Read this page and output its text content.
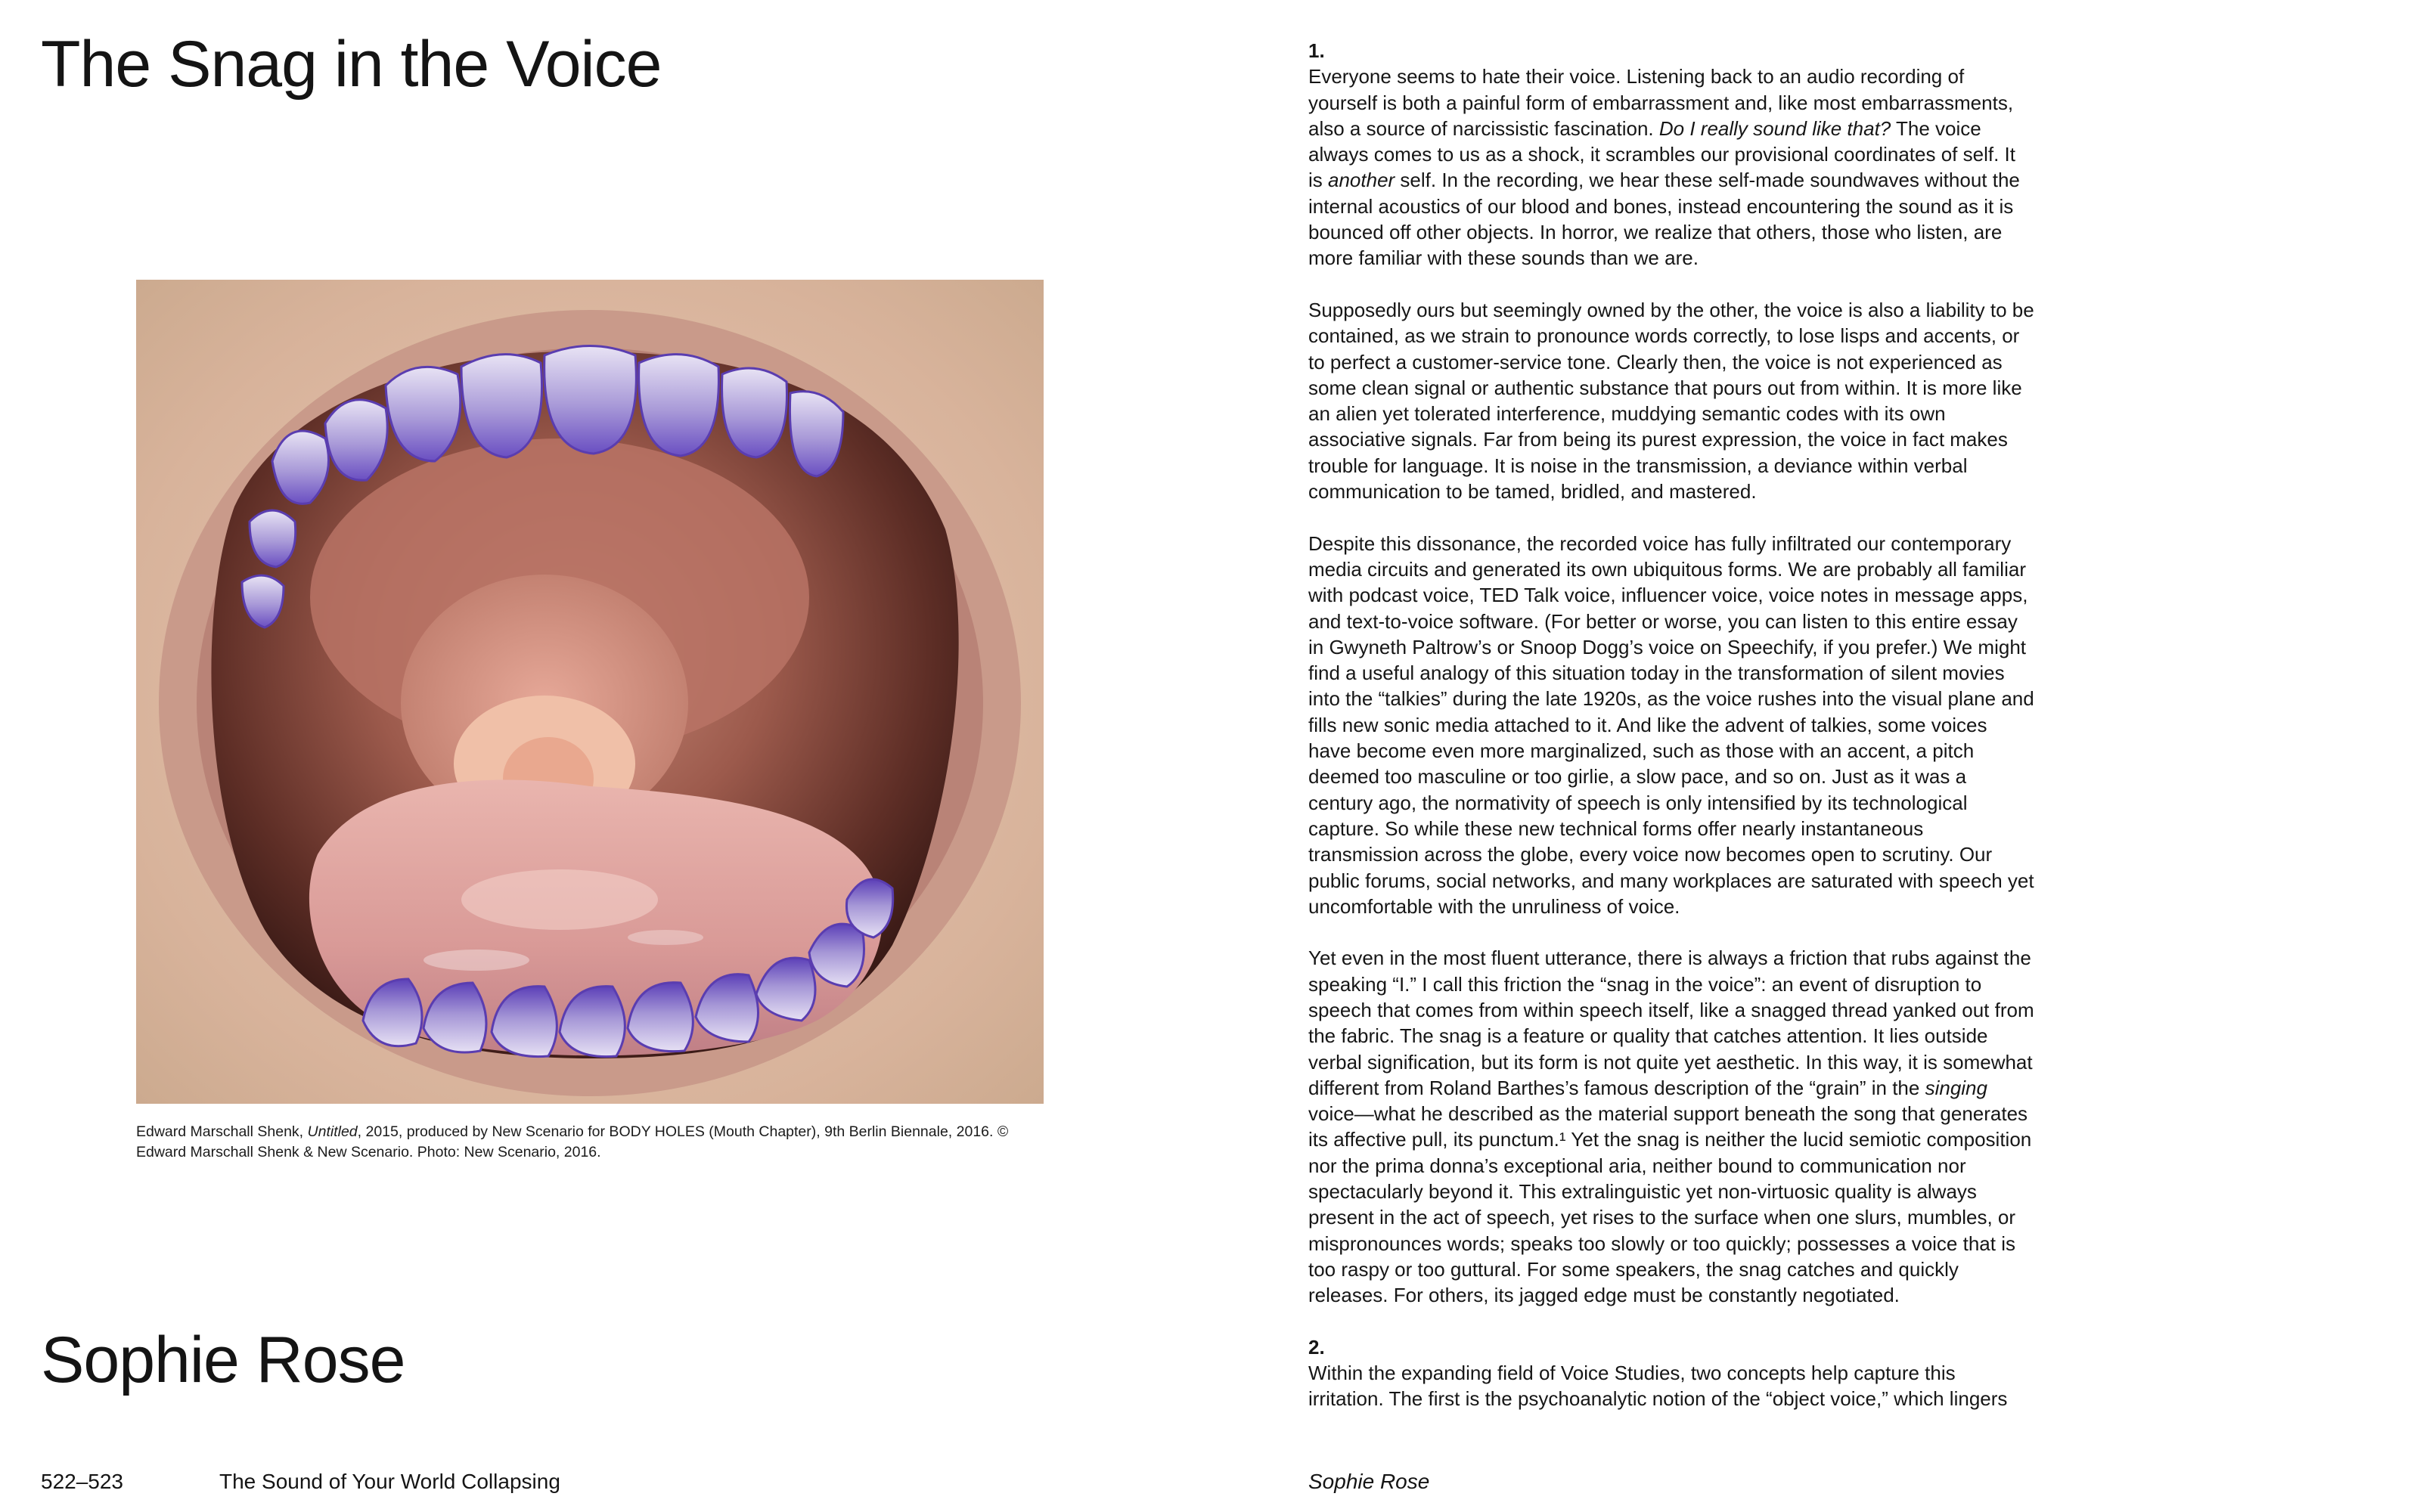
The Snag in the Voice
Edward Marschall Shenk, Untitled, 2015, produced by New Scenario for BODY HOLES (Mouth Chapter), 9th Berlin Biennale, 2016. © Edward Marschall Shenk & New Scenario. Photo: New Scenario, 2016.
Sophie Rose
522–523	The Sound of Your World Collapsing
1.

Everyone seems to hate their voice. Listening back to an audio recording of yourself is both a painful form of embarrassment and, like most embarrassments, also a source of narcissistic fascination. Do I really sound like that? The voice always comes to us as a shock, it scrambles our provisional coordinates of self. It is another self. In the recording, we hear these self-made soundwaves without the internal acoustics of our blood and bones, instead encountering the sound as it is bounced off other objects. In horror, we realize that others, those who listen, are more familiar with these sounds than we are.

Supposedly ours but seemingly owned by the other, the voice is also a liability to be contained, as we strain to pronounce words correctly, to lose lisps and accents, or to perfect a customer-service tone. Clearly then, the voice is not experienced as some clean signal or authentic substance that pours out from within. It is more like an alien yet tolerated interference, muddying semantic codes with its own associative signals. Far from being its purest expression, the voice in fact makes trouble for language. It is noise in the transmission, a deviance within verbal communication to be tamed, bridled, and mastered.

Despite this dissonance, the recorded voice has fully infiltrated our contemporary media circuits and generated its own ubiquitous forms. We are probably all familiar with podcast voice, TED Talk voice, influencer voice, voice notes in message apps, and text-to-voice software. (For better or worse, you can listen to this entire essay in Gwyneth Paltrow’s or Snoop Dogg’s voice on Speechify, if you prefer.) We might find a useful analogy of this situation today in the transformation of silent movies into the “talkies” during the late 1920s, as the voice rushes into the visual plane and fills new sonic media attached to it. And like the advent of talkies, some voices have become even more marginalized, such as those with an accent, a pitch deemed too masculine or too girlie, a slow pace, and so on. Just as it was a century ago, the normativity of speech is only intensified by its technological capture. So while these new technical forms offer nearly instantaneous transmission across the globe, every voice now becomes open to scrutiny. Our public forums, social networks, and many workplaces are saturated with speech yet uncomfortable with the unruliness of voice.

Yet even in the most fluent utterance, there is always a friction that rubs against the speaking “I.” I call this friction the “snag in the voice”: an event of disruption to speech that comes from within speech itself, like a snagged thread yanked out from the fabric. The snag is a feature or quality that catches attention. It lies outside verbal signification, but its form is not quite yet aesthetic. In this way, it is somewhat different from Roland Barthes’s famous description of the “grain” in the singing voice—what he described as the material support beneath the song that generates its affective pull, its punctum.¹ Yet the snag is neither the lucid semiotic composition nor the prima donna’s exceptional aria, neither bound to communication nor spectacularly beyond it. This extralinguistic yet non-virtuosic quality is always present in the act of speech, yet rises to the surface when one slurs, mumbles, or mispronounces words; speaks too slowly or too quickly; possesses a voice that is too raspy or too guttural. For some speakers, the snag catches and quickly releases. For others, its jagged edge must be constantly negotiated.

2.

Within the expanding field of Voice Studies, two concepts help capture this irritation. The first is the psychoanalytic notion of the “object voice,” which lingers

Sophie Rose
